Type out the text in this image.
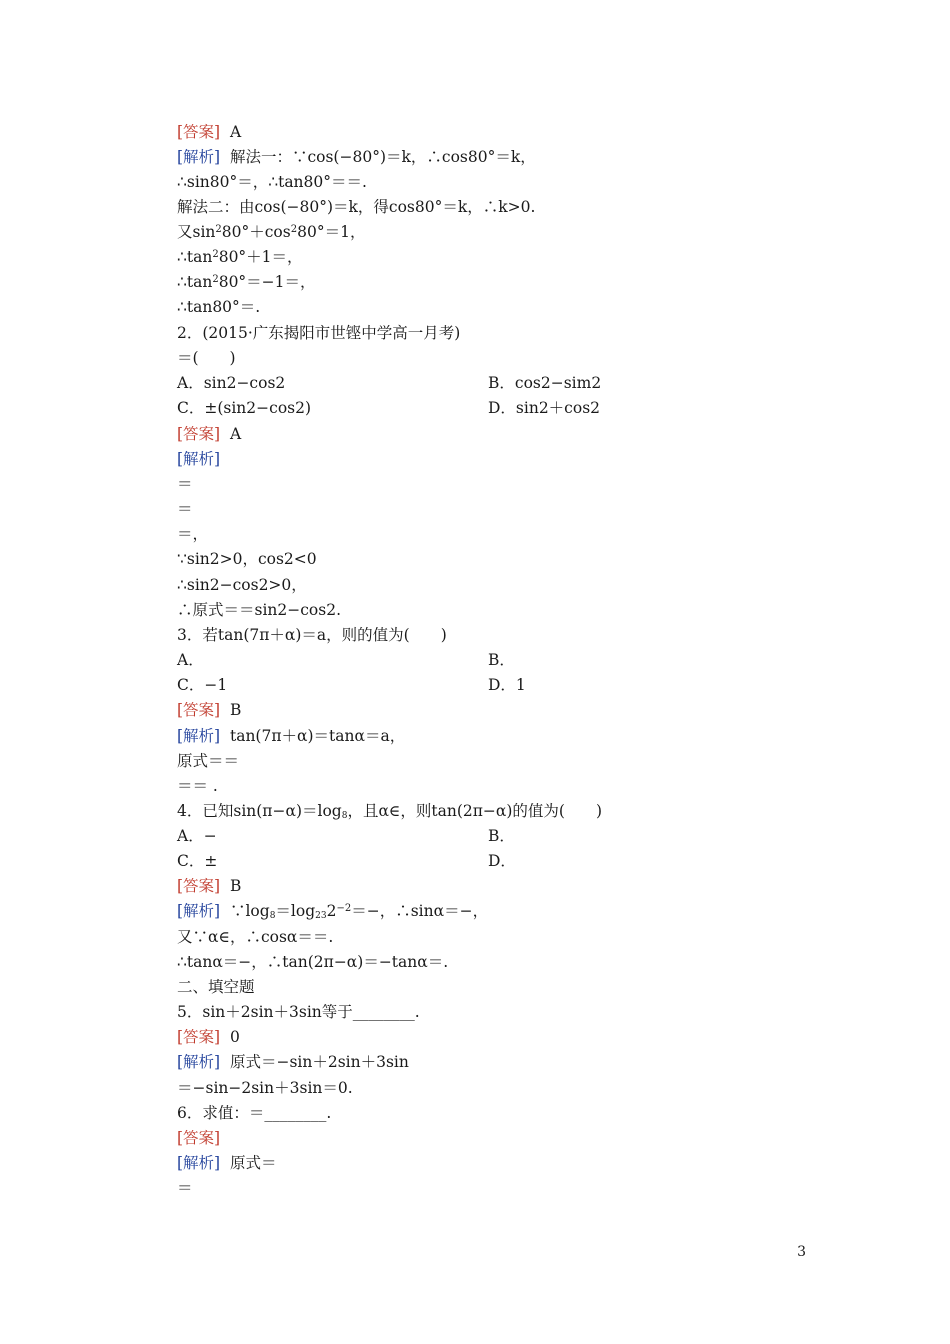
[答案] A
[解析] 解法一：∵cos(−80°)＝k，∴cos80°＝k，
∴sin80°＝，∴tan80°＝＝.
解法二：由cos(−80°)＝k，得cos80°＝k，∴k>0.
又$\sin^280^\circ+\cos^280^\circ=1$，
$\therefore\tan^280^\circ+1=$，
$\therefore\tan^280^\circ=-1=$，
∴tan80°＝.
2．(2015·广东揭阳市世铿中学高一月考)
＝(　　)
A．sin2−cos2	B．cos2−sim2
C．±(sin2−cos2)	D．sin2＋cos2
[答案] A
[解析]
＝
＝
＝，
∵sin2>0，cos2<0
∴sin2−cos2>0，
∴原式＝＝sin2−cos2.
3．若tan(7π＋α)＝a，则的值为(　　)
A．	B．
C．−1	D．1
[答案] B
[解析] tan(7π＋α)＝tanα＝a，
原式＝＝
＝＝ .
4．已知$\sin(\pi-\alpha)=\log_8$，且α∈，则tan(2π−α)的值为(　　)
A．−	B．
C．±	D．
[答案] B
[解析] $\because\log_8=\log_{23}2^{-2}=-$，∴sinα＝−，
又∵α∈，∴cosα＝＝.
∴tanα＝−，∴tan(2π−α)＝−tanα＝.
二、填空题
5．sin＋2sin＋3sin等于________.
[答案] 0
[解析] 原式＝−sin＋2sin＋3sin
＝−sin−2sin＋3sin＝0.
6．求值：＝________.
[答案]
[解析] 原式＝
＝
3
